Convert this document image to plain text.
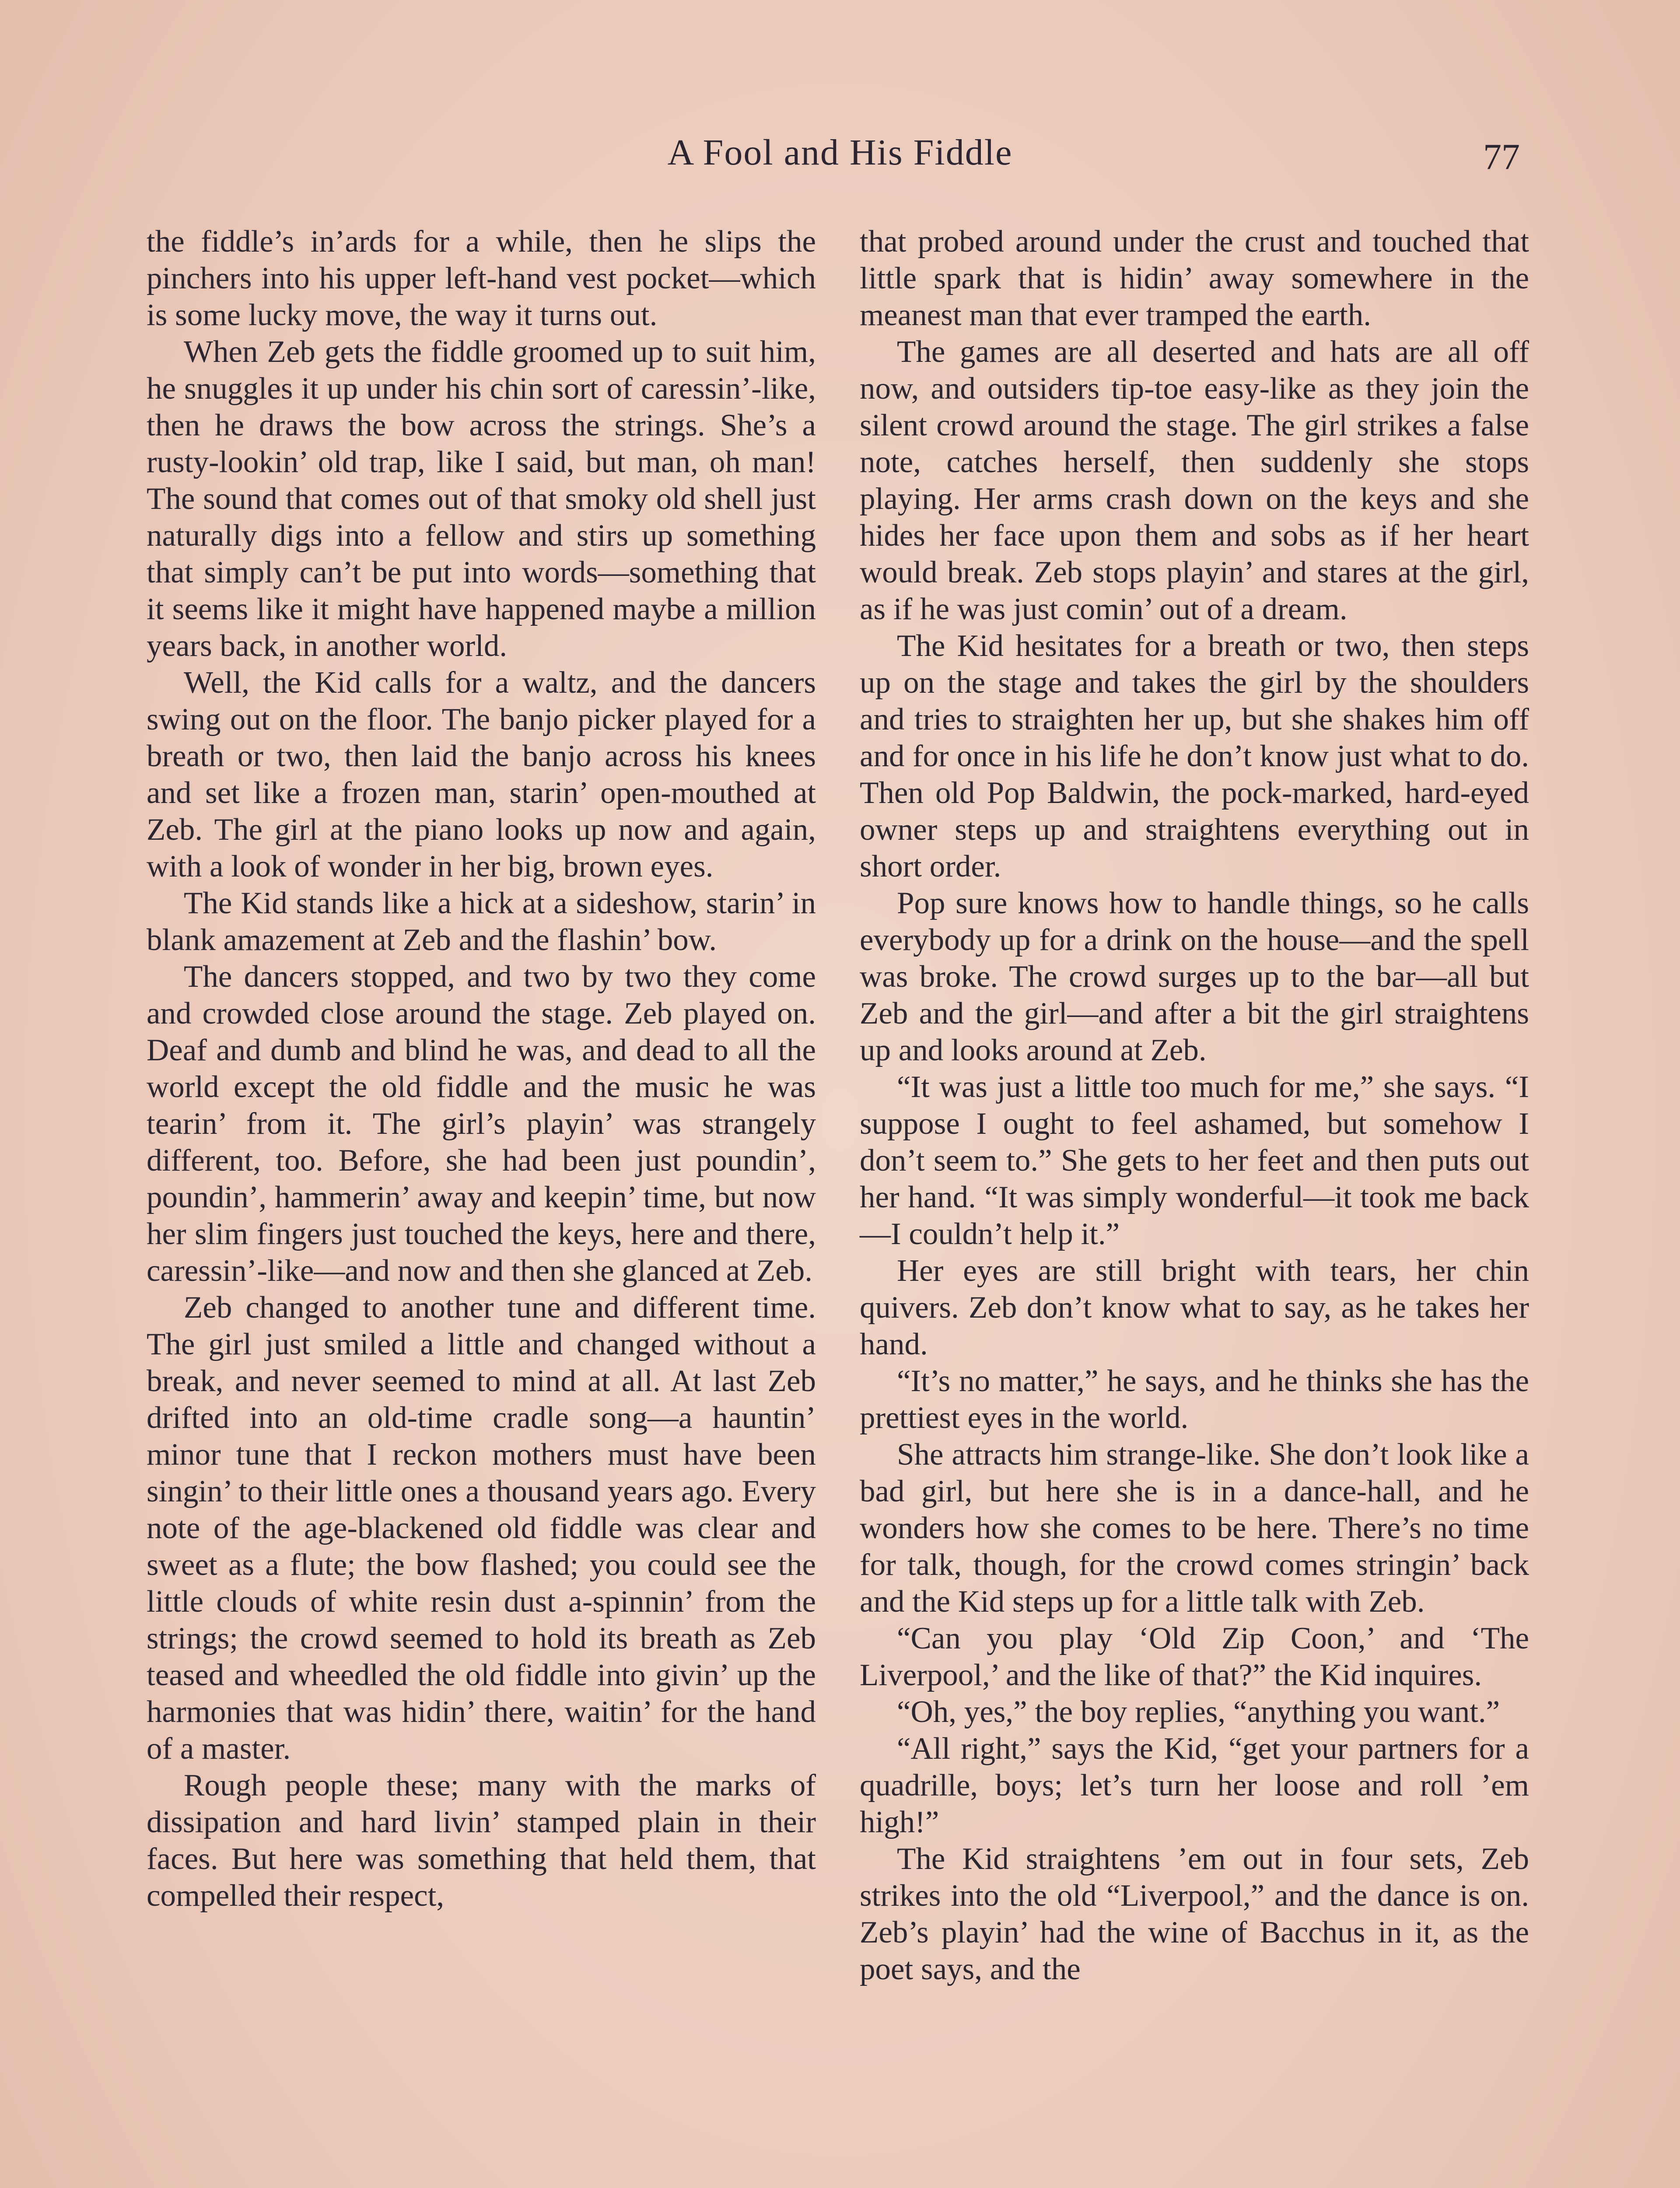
A Fool and His Fiddle	77

the fiddle’s in’ards for a while, then he slips the pinchers into his upper left-hand vest pocket—which is some lucky move, the way it turns out.

When Zeb gets the fiddle groomed up to suit him, he snuggles it up under his chin sort of caressin’-like, then he draws the bow across the strings. She’s a rusty-lookin’ old trap, like I said, but man, oh man! The sound that comes out of that smoky old shell just naturally digs into a fellow and stirs up something that simply can’t be put into words—something that it seems like it might have happened maybe a million years back, in another world.

Well, the Kid calls for a waltz, and the dancers swing out on the floor. The banjo picker played for a breath or two, then laid the banjo across his knees and set like a frozen man, starin’ open-mouthed at Zeb. The girl at the piano looks up now and again, with a look of wonder in her big, brown eyes.

The Kid stands like a hick at a sideshow, starin’ in blank amazement at Zeb and the flashin’ bow.

The dancers stopped, and two by two they come and crowded close around the stage. Zeb played on. Deaf and dumb and blind he was, and dead to all the world except the old fiddle and the music he was tearin’ from it. The girl’s playin’ was strangely different, too. Before, she had been just poundin’, poundin’, hammerin’ away and keepin’ time, but now her slim fingers just touched the keys, here and there, caressin’-like—and now and then she glanced at Zeb.

Zeb changed to another tune and different time. The girl just smiled a little and changed without a break, and never seemed to mind at all. At last Zeb drifted into an old-time cradle song—a hauntin’ minor tune that I reckon mothers must have been singin’ to their little ones a thousand years ago. Every note of the age-blackened old fiddle was clear and sweet as a flute; the bow flashed; you could see the little clouds of white resin dust a-spinnin’ from the strings; the crowd seemed to hold its breath as Zeb teased and wheedled the old fiddle into givin’ up the harmonies that was hidin’ there, waitin’ for the hand of a master.

Rough people these; many with the marks of dissipation and hard livin’ stamped plain in their faces. But here was something that held them, that compelled their respect,

that probed around under the crust and touched that little spark that is hidin’ away somewhere in the meanest man that ever tramped the earth.

The games are all deserted and hats are all off now, and outsiders tip-toe easy-like as they join the silent crowd around the stage. The girl strikes a false note, catches herself, then suddenly she stops playing. Her arms crash down on the keys and she hides her face upon them and sobs as if her heart would break. Zeb stops playin’ and stares at the girl, as if he was just comin’ out of a dream.

The Kid hesitates for a breath or two, then steps up on the stage and takes the girl by the shoulders and tries to straighten her up, but she shakes him off and for once in his life he don’t know just what to do. Then old Pop Baldwin, the pock-marked, hard-eyed owner steps up and straightens everything out in short order.

Pop sure knows how to handle things, so he calls everybody up for a drink on the house—and the spell was broke. The crowd surges up to the bar—all but Zeb and the girl—and after a bit the girl straightens up and looks around at Zeb.

“It was just a little too much for me,” she says. “I suppose I ought to feel ashamed, but somehow I don’t seem to.” She gets to her feet and then puts out her hand. “It was simply wonderful—it took me back—I couldn’t help it.”

Her eyes are still bright with tears, her chin quivers. Zeb don’t know what to say, as he takes her hand.

“It’s no matter,” he says, and he thinks she has the prettiest eyes in the world.

She attracts him strange-like. She don’t look like a bad girl, but here she is in a dance-hall, and he wonders how she comes to be here. There’s no time for talk, though, for the crowd comes stringin’ back and the Kid steps up for a little talk with Zeb.

“Can you play ‘Old Zip Coon,’ and ‘The Liverpool,’ and the like of that?” the Kid inquires.

“Oh, yes,” the boy replies, “anything you want.”

“All right,” says the Kid, “get your partners for a quadrille, boys; let’s turn her loose and roll ’em high!”

The Kid straightens ’em out in four sets, Zeb strikes into the old “Liverpool,” and the dance is on. Zeb’s playin’ had the wine of Bacchus in it, as the poet says, and the
